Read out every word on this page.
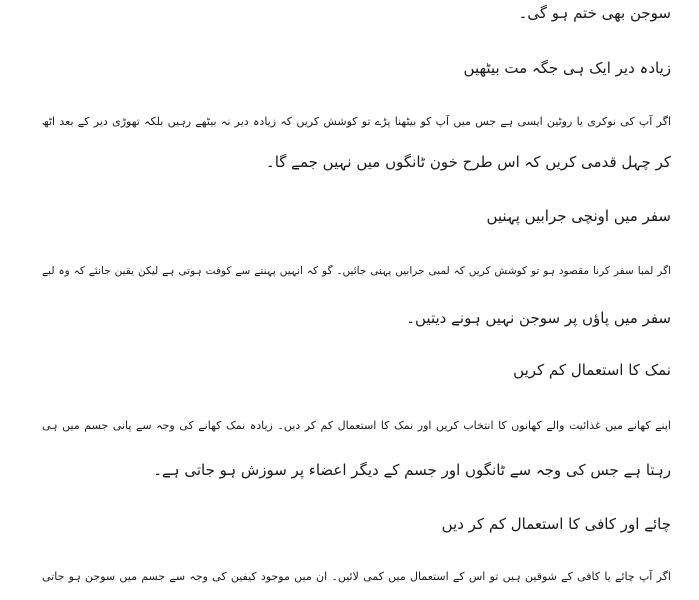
سوجن بھی ختم ہو گی۔
زیادہ دیر ایک ہی جگہ مت بیٹھیں
اگر آپ کی نوکری یا روٹین ایسی ہے جس میں آپ کو بیٹھنا پڑے تو کوشش کریں کہ زیادہ دیر نہ بیٹھے رہیں بلکہ تھوڑی دیر کے بعد اٹھ
کر چہل قدمی کریں کہ اس طرح خون ٹانگوں میں نہیں جمے گا۔
سفر میں اونچی جرابیں پہنیں
اگر لمبا سفر کرنا مقصود ہو تو کوشش کریں کہ لمبی جرابیں پہنی جائیں۔ گو کہ انہیں پہننے سے کوفت ہوتی ہے لیکن یقین جانئے کہ وہ لبے
سفر میں پاؤں پر سوجن نہیں ہونے دیتیں۔
نمک کا استعمال کم کریں
اپنے کھانے میں غذائیت والے کھانوں کا انتخاب کریں اور نمک کا استعمال کم کر دیں۔ زیادہ نمک کھانے کی وجہ سے پانی جسم میں ہی
رہتا ہے جس کی وجہ سے ٹانگوں اور جسم کے دیگر اعضاء پر سوزش ہو جاتی ہے۔
چائے اور کافی کا استعمال کم کر دیں
اگر آپ چائے یا کافی کے شوقین ہیں تو اس کے استعمال میں کمی لائیں۔ ان میں موجود کیفین کی وجہ سے جسم میں سوجن ہو جاتی
